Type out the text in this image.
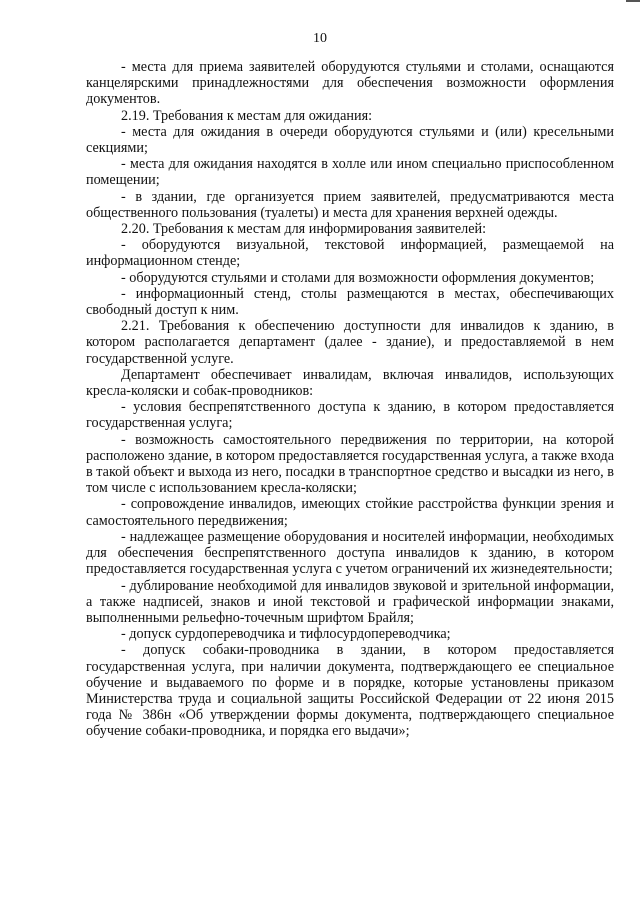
10

- места для приема заявителей оборудуются стульями и столами, оснащаются канцелярскими принадлежностями для обеспечения возможности оформления документов.

2.19. Требования к местам для ожидания:

- места для ожидания в очереди оборудуются стульями и (или) кресельными секциями;

- места для ожидания находятся в холле или ином специально приспособленном помещении;

- в здании, где организуется прием заявителей, предусматриваются места общественного пользования (туалеты) и места для хранения верхней одежды.

2.20. Требования к местам для информирования заявителей:

- оборудуются визуальной, текстовой информацией, размещаемой на информационном стенде;

- оборудуются стульями и столами для возможности оформления документов;

- информационный стенд, столы размещаются в местах, обеспечивающих свободный доступ к ним.

2.21. Требования к обеспечению доступности для инвалидов к зданию, в котором располагается департамент (далее - здание), и предоставляемой в нем государственной услуге.

Департамент обеспечивает инвалидам, включая инвалидов, использующих кресла-коляски и собак-проводников:

- условия беспрепятственного доступа к зданию, в котором предоставляется государственная услуга;

- возможность самостоятельного передвижения по территории, на которой расположено здание, в котором предоставляется государственная услуга, а также входа в такой объект и выхода из него, посадки в транспортное средство и высадки из него, в том числе с использованием кресла-коляски;

- сопровождение инвалидов, имеющих стойкие расстройства функции зрения и самостоятельного передвижения;

- надлежащее размещение оборудования и носителей информации, необходимых для обеспечения беспрепятственного доступа инвалидов к зданию, в котором предоставляется государственная услуга с учетом ограничений их жизнедеятельности;

- дублирование необходимой для инвалидов звуковой и зрительной информации, а также надписей, знаков и иной текстовой и графической информации знаками, выполненными рельефно-точечным шрифтом Брайля;

- допуск сурдопереводчика и тифлосурдопереводчика;

- допуск собаки-проводника в здании, в котором предоставляется государственная услуга, при наличии документа, подтверждающего ее специальное обучение и выдаваемого по форме и в порядке, которые установлены приказом Министерства труда и социальной защиты Российской Федерации от 22 июня 2015 года № 386н «Об утверждении формы документа, подтверждающего специальное обучение собаки-проводника, и порядка его выдачи»;
